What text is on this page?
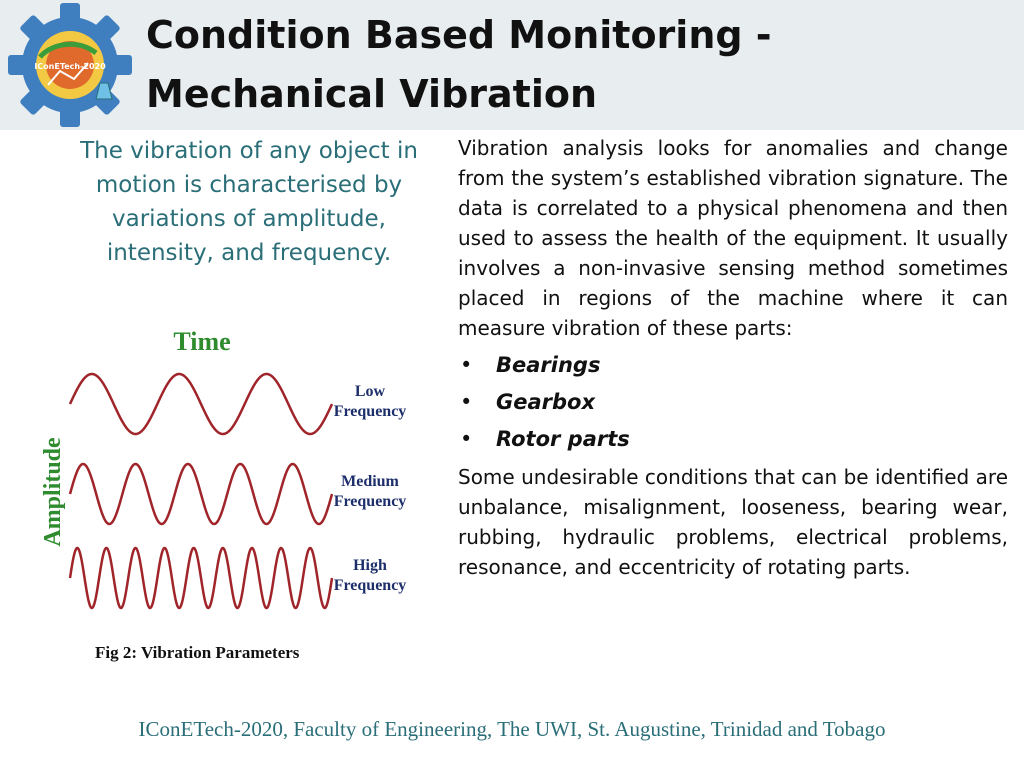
IConETech-2020
Condition Based Monitoring -
Mechanical Vibration
The vibration of any object in motion is characterised by variations of amplitude, intensity, and frequency.
Time
Amplitude
Low
Frequency
Medium
Frequency
High
Frequency
Fig 2: Vibration Parameters

Vibration analysis looks for anomalies and change from the system’s established vibration signature. The data is correlated to a physical phenomena and then used to assess the health of the equipment. It usually involves a non-invasive sensing method sometimes placed in regions of the machine where it can measure vibration of these parts:

• Bearings
• Gearbox
• Rotor parts

Some undesirable conditions that can be identified are unbalance, misalignment, looseness, bearing wear, rubbing, hydraulic problems, electrical problems, resonance, and eccentricity of rotating parts.

IConETech-2020, Faculty of Engineering, The UWI, St. Augustine, Trinidad and Tobago
